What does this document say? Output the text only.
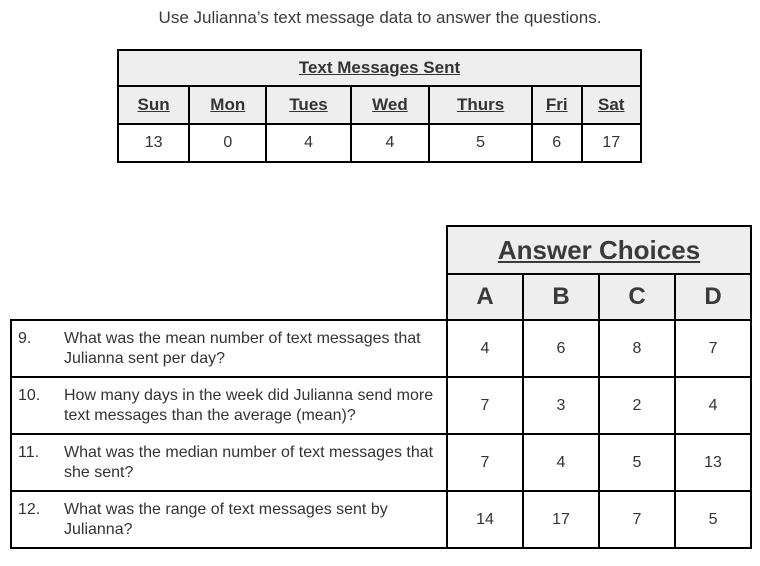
Use Julianna’s text message data to answer the questions.
Text Messages Sent						
Sun	Mon	Tues	Wed	Thurs	Fri	Sat
13	0	4	4	5	6	17
	Answer Choices			
	A	B	C	D

9. What was the mean number of text messages that Julianna sent per day?	4	6	8	7

10. How many days in the week did Julianna send more text messages than the average (mean)?	7	3	2	4

11. What was the median number of text messages that she sent?	7	4	5	13

12. What was the range of text messages sent by Julianna?	14	17	7	5
